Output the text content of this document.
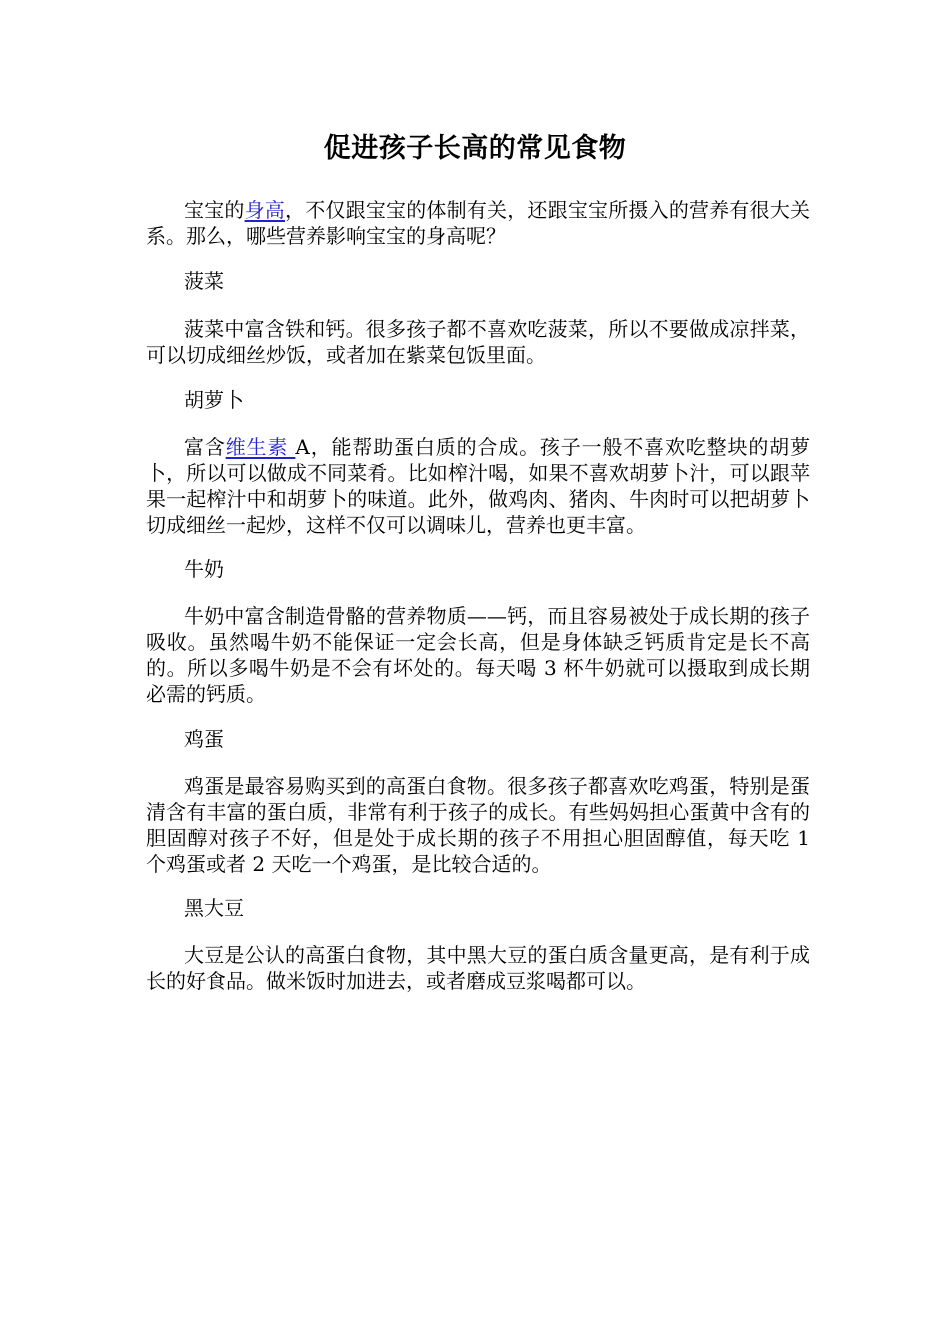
促进孩子长高的常见食物

宝宝的身高，不仅跟宝宝的体制有关，还跟宝宝所摄入的营养有很大关系。那么，哪些营养影响宝宝的身高呢？

菠菜

菠菜中富含铁和钙。很多孩子都不喜欢吃菠菜，所以不要做成凉拌菜，可以切成细丝炒饭，或者加在紫菜包饭里面。

胡萝卜

富含维生素 A，能帮助蛋白质的合成。孩子一般不喜欢吃整块的胡萝卜，所以可以做成不同菜肴。比如榨汁喝，如果不喜欢胡萝卜汁，可以跟苹果一起榨汁中和胡萝卜的味道。此外，做鸡肉、猪肉、牛肉时可以把胡萝卜切成细丝一起炒，这样不仅可以调味儿，营养也更丰富。

牛奶

牛奶中富含制造骨骼的营养物质——钙，而且容易被处于成长期的孩子吸收。虽然喝牛奶不能保证一定会长高，但是身体缺乏钙质肯定是长不高的。所以多喝牛奶是不会有坏处的。每天喝 3 杯牛奶就可以摄取到成长期必需的钙质。

鸡蛋

鸡蛋是最容易购买到的高蛋白食物。很多孩子都喜欢吃鸡蛋，特别是蛋清含有丰富的蛋白质，非常有利于孩子的成长。有些妈妈担心蛋黄中含有的胆固醇对孩子不好，但是处于成长期的孩子不用担心胆固醇值，每天吃 1 个鸡蛋或者 2 天吃一个鸡蛋，是比较合适的。

黑大豆

大豆是公认的高蛋白食物，其中黑大豆的蛋白质含量更高，是有利于成长的好食品。做米饭时加进去，或者磨成豆浆喝都可以。
